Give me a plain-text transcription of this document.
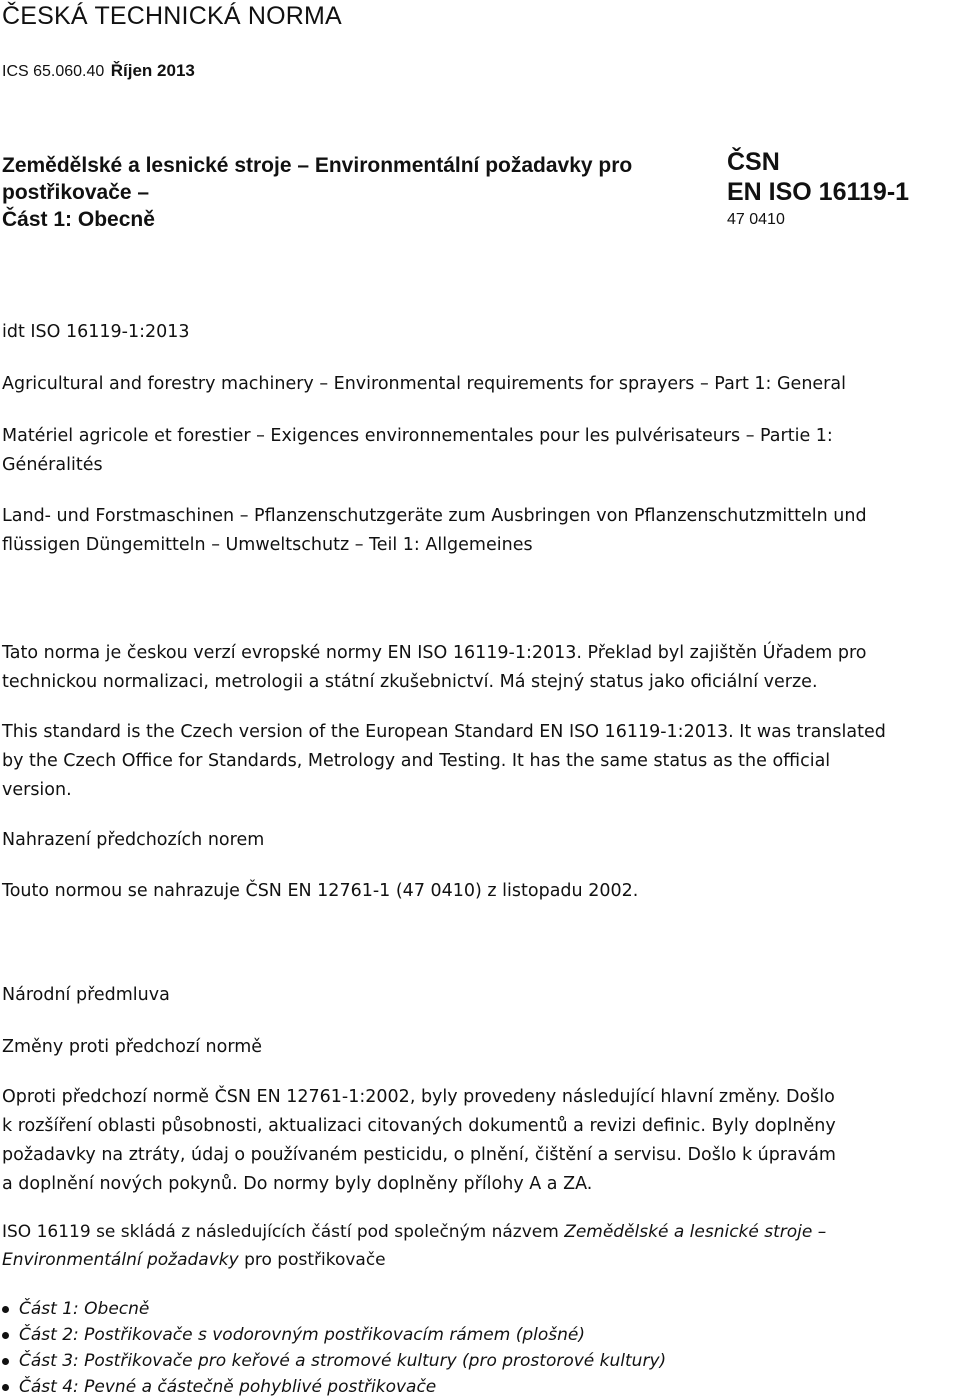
ČESKÁ TECHNICKÁ NORMA
ICS 65.060.40 Říjen 2013
Zemědělské a lesnické stroje – Environmentální požadavky pro
postřikovače –
Část 1: Obecně
ČSN
EN ISO 16119-1
47 0410

idt ISO 16119-1:2013

Agricultural and forestry machinery – Environmental requirements for sprayers – Part 1: General

Matériel agricole et forestier – Exigences environnementales pour les pulvérisateurs – Partie 1:
Généralités

Land- und Forstmaschinen – Pflanzenschutzgeräte zum Ausbringen von Pflanzenschutzmitteln und
flüssigen Düngemitteln – Umweltschutz – Teil 1: Allgemeines

Tato norma je českou verzí evropské normy EN ISO 16119-1:2013. Překlad byl zajištěn Úřadem pro
technickou normalizaci, metrologii a státní zkušebnictví. Má stejný status jako oficiální verze.

This standard is the Czech version of the European Standard EN ISO 16119-1:2013. It was translated
by the Czech Office for Standards, Metrology and Testing. It has the same status as the official
version.

Nahrazení předchozích norem

Touto normou se nahrazuje ČSN EN 12761-1 (47 0410) z listopadu 2002.

Národní předmluva

Změny proti předchozí normě

Oproti předchozí normě ČSN EN 12761-1:2002, byly provedeny následující hlavní změny. Došlo
k rozšíření oblasti působnosti, aktualizaci citovaných dokumentů a revizi definic. Byly doplněny
požadavky na ztráty, údaj o používaném pesticidu, o plnění, čištění a servisu. Došlo k úpravám
a doplnění nových pokynů. Do normy byly doplněny přílohy A a ZA.

ISO 16119 se skládá z následujících částí pod společným názvem Zemědělské a lesnické stroje –
Environmentální požadavky pro postřikovače

Část 1: Obecně
Část 2: Postřikovače s vodorovným postřikovacím rámem (plošné)
Část 3: Postřikovače pro keřové a stromové kultury (pro prostorové kultury)
Část 4: Pevné a částečně pohyblivé postřikovače
